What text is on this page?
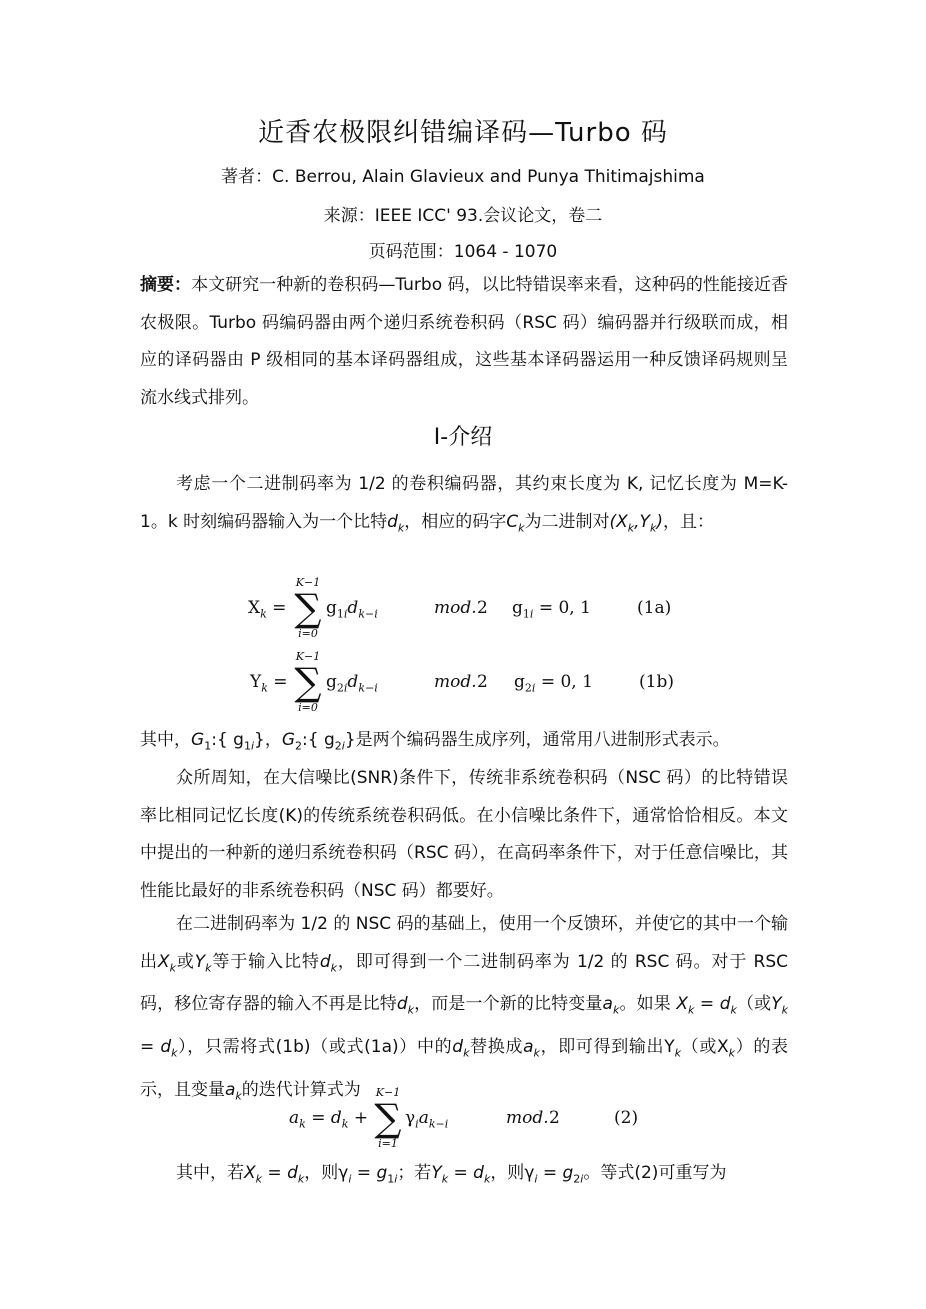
近香农极限纠错编译码—Turbo 码
著者：C. Berrou, Alain Glavieux and Punya Thitimajshima
来源：IEEE ICC' 93.会议论文，卷二
页码范围：1064 - 1070
摘要：本文研究一种新的卷积码—Turbo 码，以比特错误率来看，这种码的性能接近香农极限。Turbo 码编码器由两个递归系统卷积码（RSC 码）编码器并行级联而成，相应的译码器由 P 级相同的基本译码器组成，这些基本译码器运用一种反馈译码规则呈流水线式排列。
Ⅰ-介绍
考虑一个二进制码率为 1/2 的卷积编码器，其约束长度为 K, 记忆长度为 M=K-1。k 时刻编码器输入为一个比特$d_k$，相应的码字$C_k$为二进制对$(X_k,Y_k)$，且：
$X_k$ =
K−1
∑
i=0
$g_{1i}d_{k-i}$	mod. 2 $g_{1i} = 0$, 1	(1a)
$Y_k$ =
K−1
∑
i=0
$g_{2i}d_{k-i}$	mod. 2 $g_{2i} = 0$, 1	(1b)
其中，$G_1$:{ $g_{1i}$}，$G_2$:{ $g_{2i}$}是两个编码器生成序列，通常用八进制形式表示。
众所周知，在大信噪比(SNR)条件下，传统非系统卷积码（NSC 码）的比特错误率比相同记忆长度(K)的传统系统卷积码低。在小信噪比条件下，通常恰恰相反。本文中提出的一种新的递归系统卷积码（RSC 码），在高码率条件下，对于任意信噪比，其性能比最好的非系统卷积码（NSC 码）都要好。
在二进制码率为 1/2 的 NSC 码的基础上，使用一个反馈环，并使它的其中一个输出$X_k$或$Y_k$等于输入比特$d_k$，即可得到一个二进制码率为 1/2 的 RSC 码。对于 RSC 码，移位寄存器的输入不再是比特$d_k$，而是一个新的比特变量$a_k$。如果 $X_k = d_k$（或$Y_k = d_k$），只需将式(1b)（或式(1a)）中的$d_k$替换成$a_k$，即可得到输出$Y_k$（或$X_k$）的表示，且变量$a_k$的迭代计算式为
$a_k = d_k$ +
K−1
∑
i=1
$\gamma_ia_{k-i}$	mod. 2	(2)
其中，若$X_k = d_k$，则$\gamma_i = g_{1i}$；若$Y_k = d_k$，则$\gamma_i = g_{2i}$。等式(2)可重写为
